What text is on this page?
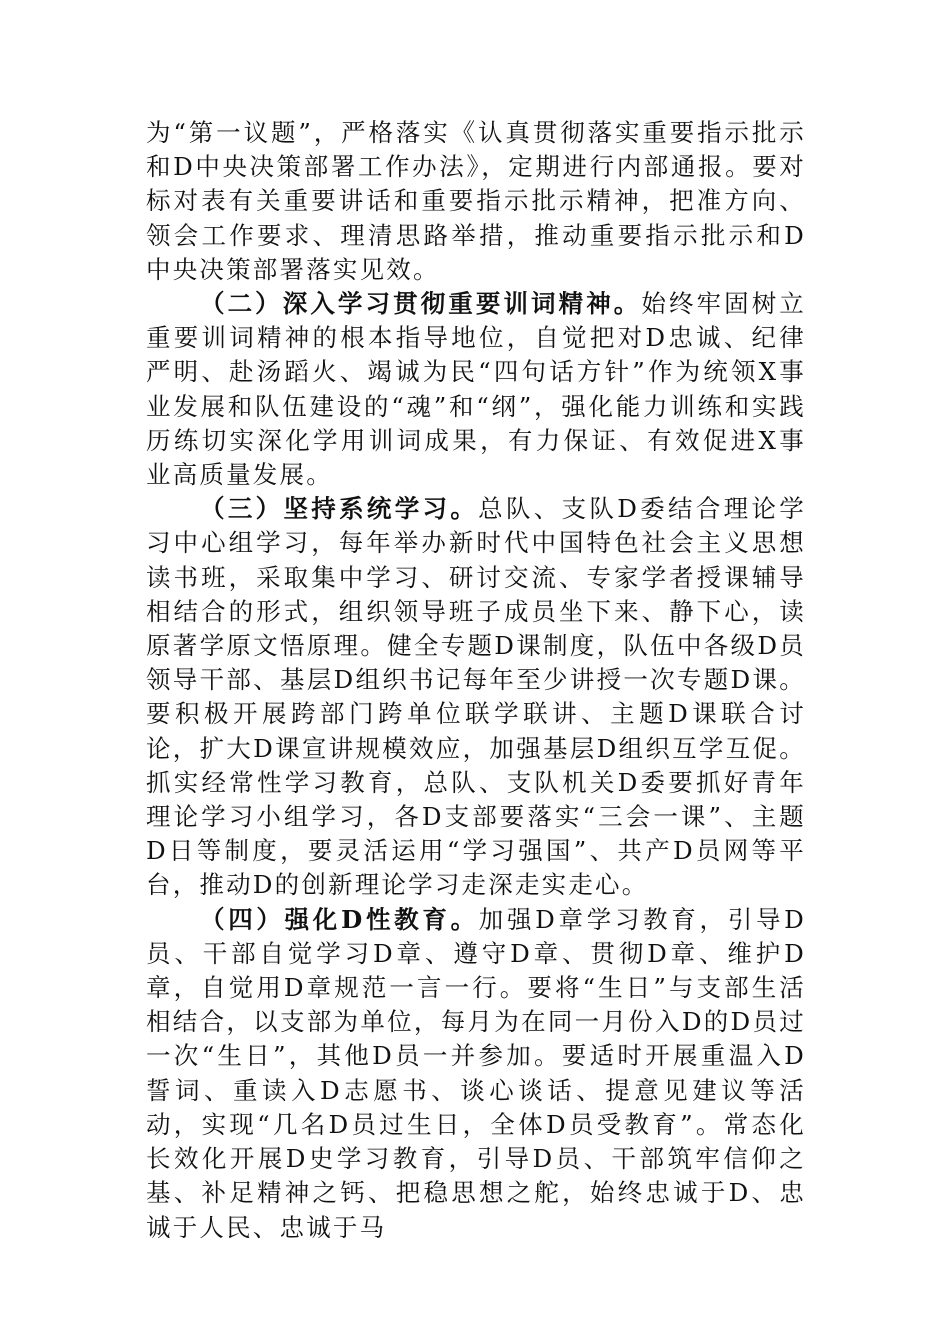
为“第一议题”，严格落实《认真贯彻落实重要指示批示和D中央决策部署工作办法》，定期进行内部通报。要对标对表有关重要讲话和重要指示批示精神，把准方向、领会工作要求、理清思路举措，推动重要指示批示和D中央决策部署落实见效。

（二）深入学习贯彻重要训词精神。始终牢固树立重要训词精神的根本指导地位，自觉把对D忠诚、纪律严明、赴汤蹈火、竭诚为民“四句话方针”作为统领X事业发展和队伍建设的“魂”和“纲”，强化能力训练和实践历练切实深化学用训词成果，有力保证、有效促进X事业高质量发展。

（三）坚持系统学习。总队、支队D委结合理论学习中心组学习，每年举办新时代中国特色社会主义思想读书班，采取集中学习、研讨交流、专家学者授课辅导相结合的形式，组织领导班子成员坐下来、静下心，读原著学原文悟原理。健全专题D课制度，队伍中各级D员领导干部、基层D组织书记每年至少讲授一次专题D课。要积极开展跨部门跨单位联学联讲、主题D课联合讨论，扩大D课宣讲规模效应，加强基层D组织互学互促。抓实经常性学习教育，总队、支队机关D委要抓好青年理论学习小组学习，各D支部要落实“三会一课”、主题D日等制度，要灵活运用“学习强国”、共产D员网等平台，推动D的创新理论学习走深走实走心。

（四）强化D性教育。加强D章学习教育，引导D员、干部自觉学习D章、遵守D章、贯彻D章、维护D章，自觉用D章规范一言一行。要将“生日”与支部生活相结合，以支部为单位，每月为在同一月份入D的D员过一次“生日”，其他D员一并参加。要适时开展重温入D誓词、重读入D志愿书、谈心谈话、提意见建议等活动，实现“几名D员过生日，全体D员受教育”。常态化长效化开展D史学习教育，引导D员、干部筑牢信仰之基、补足精神之钙、把稳思想之舵，始终忠诚于D、忠诚于人民、忠诚于马
